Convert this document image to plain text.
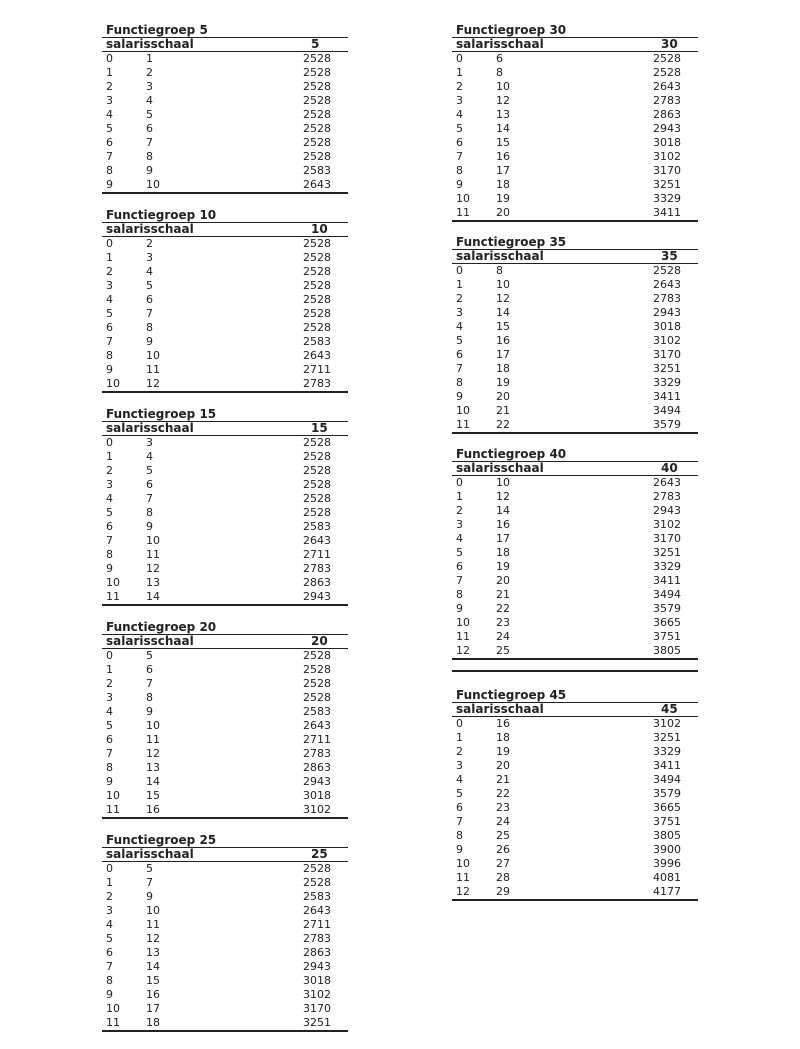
Functiegroep 5
salarisschaal	5
0	1	2528
1	2	2528
2	3	2528
3	4	2528
4	5	2528
5	6	2528
6	7	2528
7	8	2528
8	9	2583
9	10	2643
Functiegroep 10
salarisschaal	10
0	2	2528
1	3	2528
2	4	2528
3	5	2528
4	6	2528
5	7	2528
6	8	2528
7	9	2583
8	10	2643
9	11	2711
10	12	2783
Functiegroep 15
salarisschaal	15
0	3	2528
1	4	2528
2	5	2528
3	6	2528
4	7	2528
5	8	2528
6	9	2583
7	10	2643
8	11	2711
9	12	2783
10	13	2863
11	14	2943
Functiegroep 20
salarisschaal	20
0	5	2528
1	6	2528
2	7	2528
3	8	2528
4	9	2583
5	10	2643
6	11	2711
7	12	2783
8	13	2863
9	14	2943
10	15	3018
11	16	3102
Functiegroep 25
salarisschaal	25
0	5	2528
1	7	2528
2	9	2583
3	10	2643
4	11	2711
5	12	2783
6	13	2863
7	14	2943
8	15	3018
9	16	3102
10	17	3170
11	18	3251
Functiegroep 30
salarisschaal	30
0	6	2528
1	8	2528
2	10	2643
3	12	2783
4	13	2863
5	14	2943
6	15	3018
7	16	3102
8	17	3170
9	18	3251
10	19	3329
11	20	3411
Functiegroep 35
salarisschaal	35
0	8	2528
1	10	2643
2	12	2783
3	14	2943
4	15	3018
5	16	3102
6	17	3170
7	18	3251
8	19	3329
9	20	3411
10	21	3494
11	22	3579
Functiegroep 40
salarisschaal	40
0	10	2643
1	12	2783
2	14	2943
3	16	3102
4	17	3170
5	18	3251
6	19	3329
7	20	3411
8	21	3494
9	22	3579
10	23	3665
11	24	3751
12	25	3805
Functiegroep 45
salarisschaal	45
0	16	3102
1	18	3251
2	19	3329
3	20	3411
4	21	3494
5	22	3579
6	23	3665
7	24	3751
8	25	3805
9	26	3900
10	27	3996
11	28	4081
12	29	4177
